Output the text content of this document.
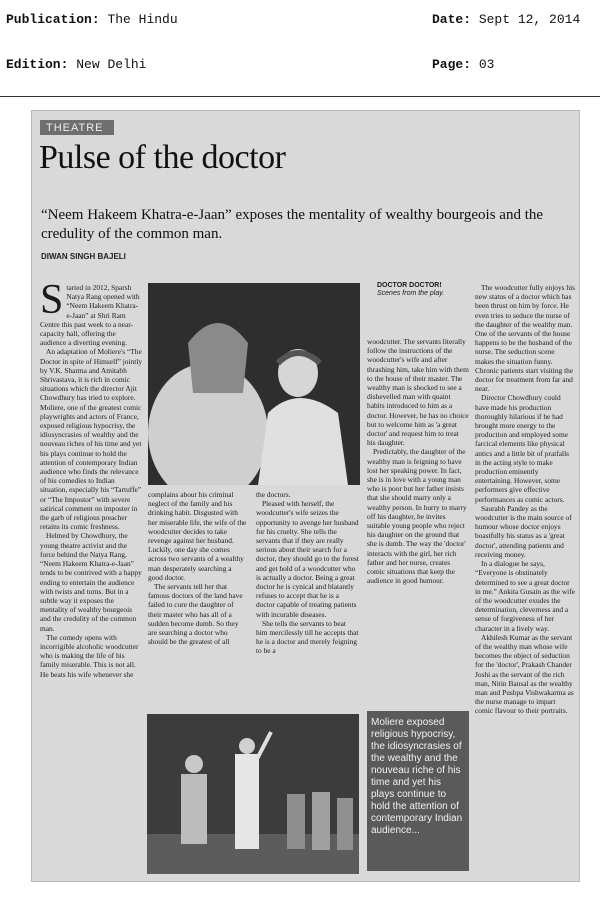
Publication: The Hindu	Date: Sept 12, 2014
Edition: New Delhi	Page: 03
THEATRE
Pulse of the doctor
“Neem Hakeem Khatra-e-Jaan” exposes the mentality of wealthy bourgeois and the credulity of the common man.
DIWAN SINGH BAJELI

Started in 2012, Sparsh Natya Rang opened with “Neem Hakeem Khatra-e-Jaan” at Shri Ram Centre this past week to a near-capacity hall, offering the audience a diverting evening.

An adaptation of Moliere's “The Doctor in spite of Himself” jointly by V.K. Sharma and Amitabh Shrivastava, it is rich in comic situations which the director Ajit Chowdhury has tried to explore. Moliere, one of the greatest comic playwrights and actors of France, exposed religious hypocrisy, the idiosyncrasies of wealthy and the nouveau riches of his time and yet his plays continue to hold the attention of contemporary Indian audience who finds the relevance of his comedies to Indian situation, especially his “Tartuffe” or “The Impostor” with severe satirical comment on imposter in the garb of religious preacher retains its comic freshness.

Helmed by Chowdhury, the young theatre activist and the force behind the Natya Rang, “Neem Hakeem Khatra-e-Jaan” tends to be contrived with a happy ending to entertain the audience with twists and turns. But in a subtle way it exposes the mentality of wealthy bourgeois and the credulity of the common man.

The comedy opens with incorrigible alcoholic woodcutter who is making the life of his family miserable. This is not all. He beats his wife whenever she

DOCTOR DOCTOR!
Scenes from the play.

complains about his criminal neglect of the family and his drinking habit. Disgusted with her miserable life, the wife of the woodcutter decides to take revenge against her husband. Luckily, one day she comes across two servants of a wealthy man desperately searching a good doctor.

The servants tell her that famous doctors of the land have failed to cure the daughter of their master who has all of a sudden become dumb. So they are searching a doctor who should be the greatest of all

the doctors.

Pleased with herself, the woodcutter's wife seizes the opportunity to avenge her husband for his cruelty. She tells the servants that if they are really serious about their search for a doctor, they should go to the forest and get hold of a woodcutter who is actually a doctor. Being a great doctor he is cynical and blatantly refuses to accept that he is a doctor capable of treating patients with incurable diseases.

She tells the servants to beat him mercilessly till he accepts that he is a doctor and merely feigning to be a

woodcutter. The servants literally follow the instructions of the woodcutter's wife and after thrashing him, take him with them to the house of their master. The wealthy man is shocked to see a dishevelled man with quaint habits introduced to him as a doctor. However, he has no choice but to welcome him as 'a great doctor' and request him to treat his daughter.

Predictably, the daughter of the wealthy man is feigning to have lost her speaking power. In fact, she is in love with a young man who is poor but her father insists that she should marry only a wealthy person. In hurry to marry off his daughter, he invites suitable young people who reject his daughter on the ground that she is dumb. The way the 'doctor' interacts with the girl, her rich father and her nurse, creates comic situations that keep the audience in good humour.

The woodcutter fully enjoys his new status of a doctor which has been thrust on him by force. He even tries to seduce the nurse of the daughter of the wealthy man. One of the servants of the house happens to be the husband of the nurse. The seduction scene makes the situation funny. Chronic patients start visiting the doctor for treatment from far and near.

Director Chowdhury could have made his production thoroughly hilarious if he had brought more energy to the production and employed some farcical elements like physical antics and a little bit of pratfalls in the acting style to make production eminently entertaining. However, some performers give effective performances as comic actors.

Saurabh Pandey as the woodcutter is the main source of humour whose doctor enjoys boastfully his status as a 'great doctor', attending patients and receiving money.

In a dialogue he says, “Everyone is obstinately determined to see a great doctor in me.” Ankita Gusain as the wife of the woodcutter exudes the determination, cleverness and a sense of forgiveness of her character in a lively way.

Akhilesh Kumar as the servant of the wealthy man whose wife becomes the object of seduction for the 'doctor', Prakash Chander Joshi as the servant of the rich man, Nitin Bansal as the wealthy man and Pushpa Vishwakarma as the nurse manage to impart comic flavour to their portraits.

Moliere exposed religious hypocrisy, the idiosyncrasies of the wealthy and the nouveau riche of his time and yet his plays continue to hold the attention of contemporary Indian audience...
